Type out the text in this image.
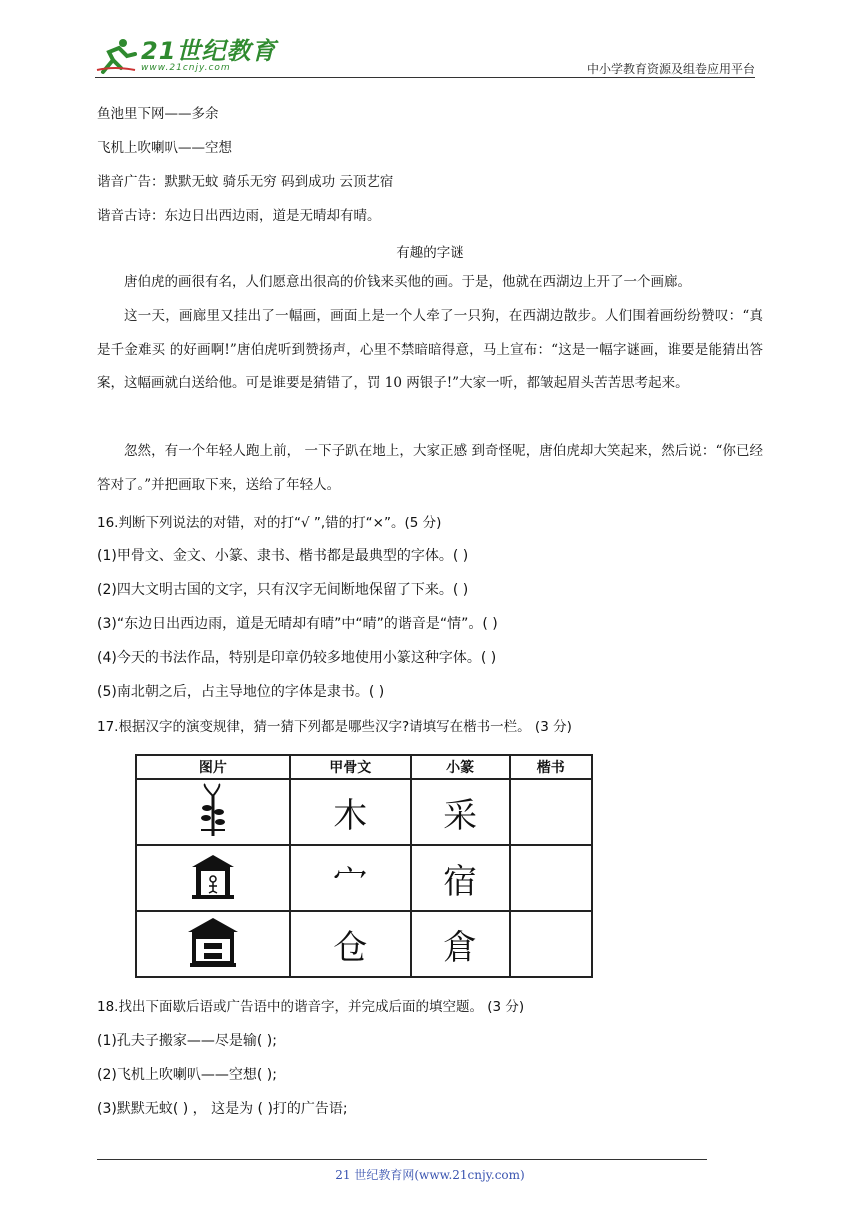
21世纪教育
www.21cnjy.com	中小学教育资源及组卷应用平台
鱼池里下网——多余
飞机上吹喇叭——空想
谐音广告：默默无蚊 骑乐无穷 码到成功 云顶艺宿
谐音古诗：东边日出西边雨，道是无晴却有晴。
有趣的字谜
唐伯虎的画很有名，人们愿意出很高的价钱来买他的画。于是，他就在西湖边上开了一个画廊。
这一天，画廊里又挂出了一幅画，画面上是一个人牵了一只狗，在西湖边散步。人们围着画纷纷赞叹：“真是千金难买 的好画啊!”唐伯虎听到赞扬声，心里不禁暗暗得意，马上宣布：“这是一幅字谜画，谁要是能猜出答案，这幅画就白送给他。可是谁要是猜错了，罚 10 两银子!”大家一听，都皱起眉头苦苦思考起来。
忽然，有一个年轻人跑上前， 一下子趴在地上，大家正感 到奇怪呢，唐伯虎却大笑起来，然后说：“你已经答对了。”并把画取下来，送给了年轻人。
16.判断下列说法的对错，对的打“√ ”,错的打“×”。(5 分)
(1)甲骨文、金文、小篆、隶书、楷书都是最典型的字体。( )
(2)四大文明古国的文字，只有汉字无间断地保留了下来。( )
(3)“东边日出西边雨，道是无晴却有晴”中“晴”的谐音是“情”。( )
(4)今天的书法作品，特别是印章仍较多地使用小篆这种字体。( )
(5)南北朝之后，占主导地位的字体是隶书。( )
17.根据汉字的演变规律，猜一猜下列都是哪些汉字?请填写在楷书一栏。 (3 分)
图片	甲骨文	小篆	楷书
	木	采	
	宀	宿	
	仓	倉	
18.找出下面歇后语或广告语中的谐音字，并完成后面的填空题。 (3 分)
(1)孔夫子搬家——尽是输( );
(2)飞机上吹喇叭——空想( );
(3)默默无蚊( ) ， 这是为 ( )打的广告语;
21 世纪教育网(www.21cnjy.com)
